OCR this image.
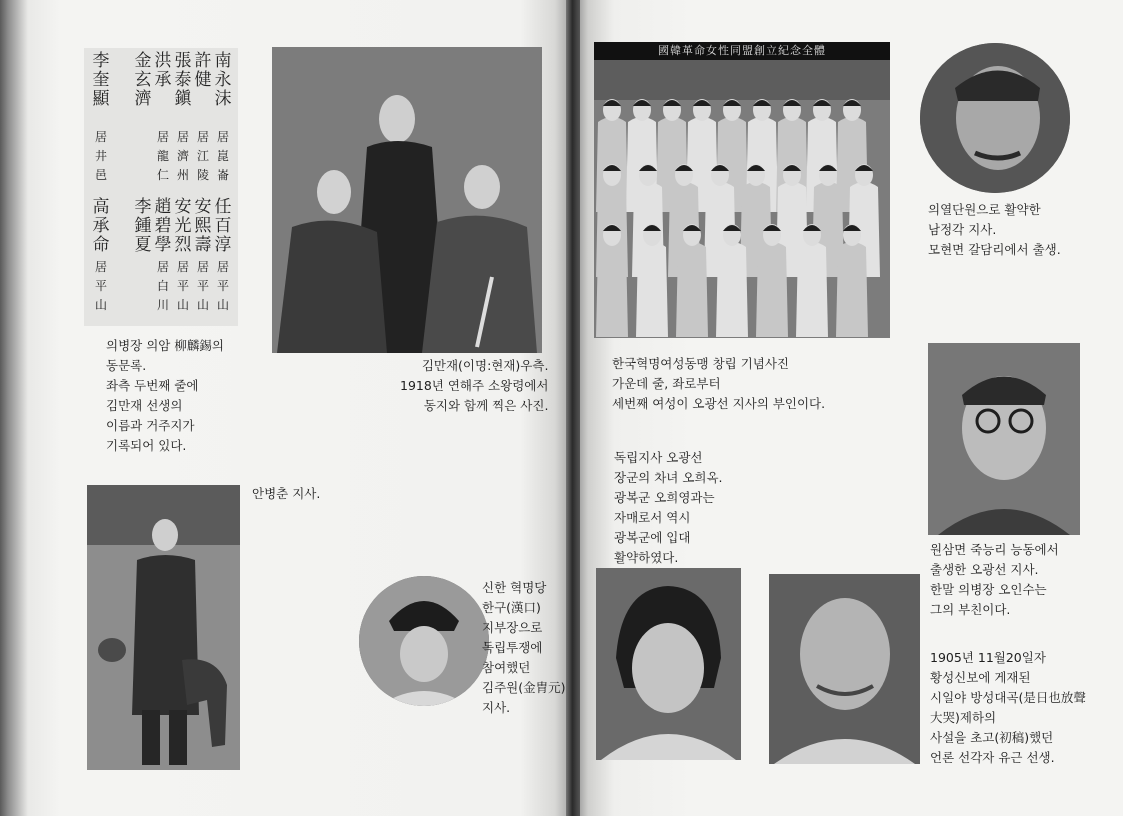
南永沫
許健
張泰鎭
洪承
金玄濟
李奎顯
居崑崙
居江陵
居濟州
居龍仁
居井邑
任百淳
安熙壽
安光烈
趙碧學
李鍾夏
高承命
居平山
居平山
居平山
居白川
居平山
의병장 의암 柳麟錫의
동문록.
좌측 두번째 줄에
김만재 선생의
이름과 거주지가
기록되어 있다.
김만재(이명:현재)우측.
1918년 연해주 소왕령에서
동지와 함께 찍은 사진.
안병춘 지사.
신한 혁명당
한구(漢口)
지부장으로
독립투쟁에
참여했던
김주원(金胄元)
지사.
國韓革命女性同盟創立紀念全體
한국혁명여성동맹 창립 기념사진
가운데 줄, 좌로부터
세번째 여성이 오광선 지사의 부인이다.
의열단원으로 활약한
남정각 지사.
모현면 갈담리에서 출생.
원삼면 죽능리 능동에서
출생한 오광선 지사.
한말 의병장 오인수는
그의 부친이다.
독립지사 오광선
장군의 차녀 오희옥.
광복군 오희영과는
자매로서 역시
광복군에 입대
활약하였다.
1905년 11월20일자
황성신보에 게재된
시일야 방성대곡(是日也放聲
大哭)제하의
사설을 초고(初稿)했던
언론 선각자 유근 선생.
